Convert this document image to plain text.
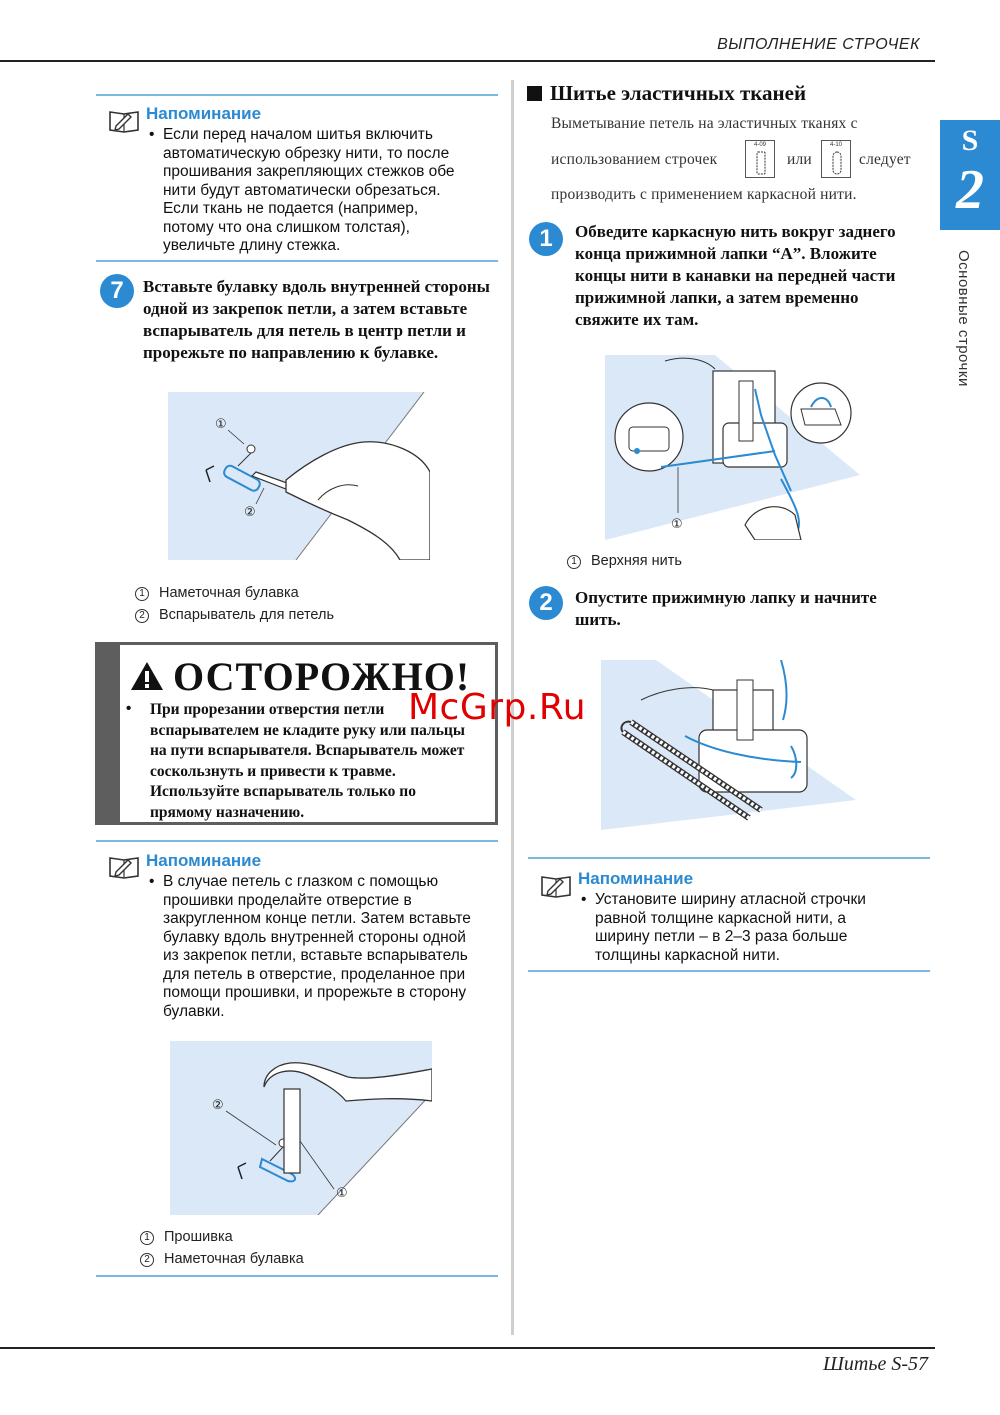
ВЫПОЛНЕНИЕ СТРОЧЕК
Шитье S-57
S
2
Основные строчки
Напоминание
• Если перед началом шитья включить
автоматическую обрезку нити, то после
прошивания закрепляющих стежков обе
нити будут автоматически обрезаться.
Если ткань не подается (например,
потому что она слишком толстая),
увеличьте длину стежка.
7	Вставьте булавку вдоль внутренней стороны
одной из закрепок петли, а затем вставьте
вспарыватель для петель в центр петли и
прорежьте по направлению к булавке.
①
②
1 Наметочная булавка
2 Вспарыватель для петель
ОСТОРОЖНО!
• При прорезании отверстия петли
вспарывателем не кладите руку или пальцы
на пути вспарывателя. Вспарыватель может
соскользнуть и привести к травме.
Используйте вспарыватель только по
прямому назначению.
Напоминание
• В случае петель с глазком с помощью
прошивки проделайте отверстие в
закругленном конце петли. Затем вставьте
булавку вдоль внутренней стороны одной
из закрепок петли, вставьте вспарыватель
для петель в отверстие, проделанное при
помощи прошивки, и прорежьте в сторону
булавки.
②
①
1 Прошивка
2 Наметочная булавка
Шитье эластичных тканей
Выметывание петель на эластичных тканях с
использованием строчек
4-09
или
4-10
следует
производить с применением каркасной нити.
1	Обведите каркасную нить вокруг заднего
конца прижимной лапки “A”. Вложите
концы нити в канавки на передней части
прижимной лапки, а затем временно
свяжите их там.
①
1 Верхняя нить
2	Опустите прижимную лапку и начните
шить.
Напоминание
• Установите ширину атласной строчки
равной толщине каркасной нити, а
ширину петли – в 2–3 раза больше
толщины каркасной нити.
McGrp.Ru
